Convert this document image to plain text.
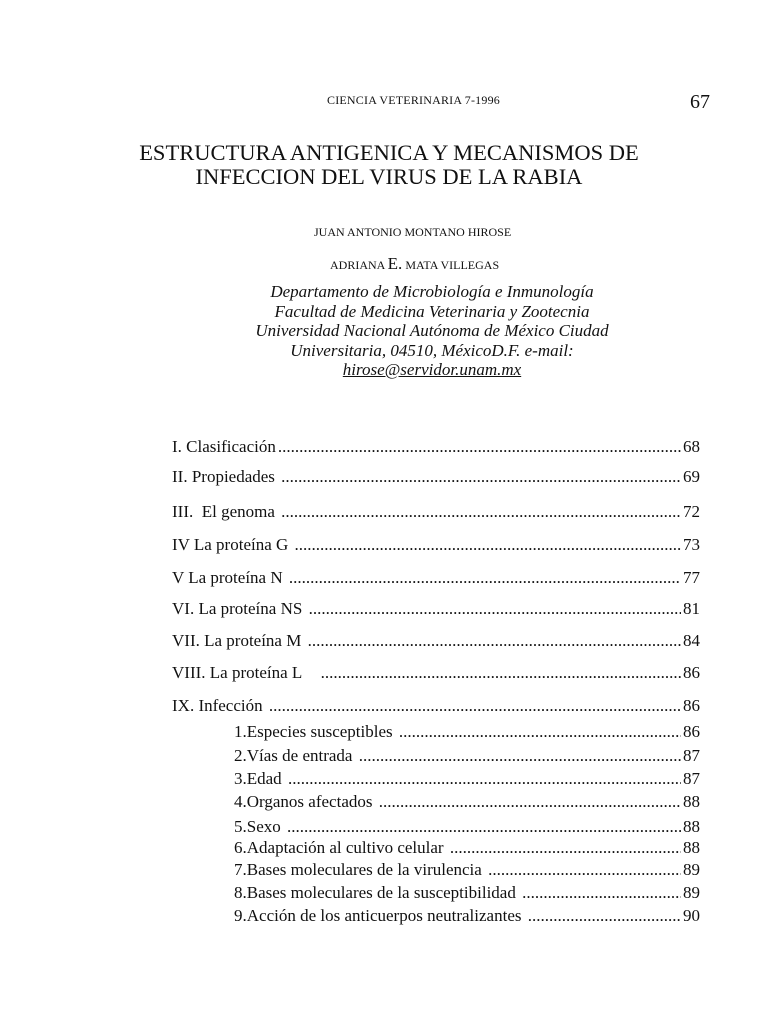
CIENCIA VETERINARIA 7-1996	67
ESTRUCTURA ANTIGENICA Y MECANISMOS DE
INFECCION DEL VIRUS DE LA RABIA
JUAN ANTONIO MONTANO HIROSE
ADRIANA E. MATA VILLEGAS
Departamento de Microbiología e Inmunología
Facultad de Medicina Veterinaria y Zootecnia
Universidad Nacional Autónoma de México Ciudad
Universitaria, 04510, MéxicoD.F. e-mail:
hirose@servidor.unam.mx
I. Clasificación .....	68
II. Propiedades .....	69
III.  El genoma .....	72
IV La proteína G .....	73
V La proteína N .....	77
VI. La proteína NS .....	81
VII. La proteína M .....	84
VIII. La proteína L .....	86
IX. Infección .....	86
1.Especies susceptibles .....	86
2.Vías de entrada .....	87
3.Edad .....	87
4.Organos afectados .....	88
5.Sexo .....	88
6.Adaptación al cultivo celular .....	88
7.Bases moleculares de la virulencia .....	89
8.Bases moleculares de la susceptibilidad .....	89
9.Acción de los anticuerpos neutralizantes .....	90
